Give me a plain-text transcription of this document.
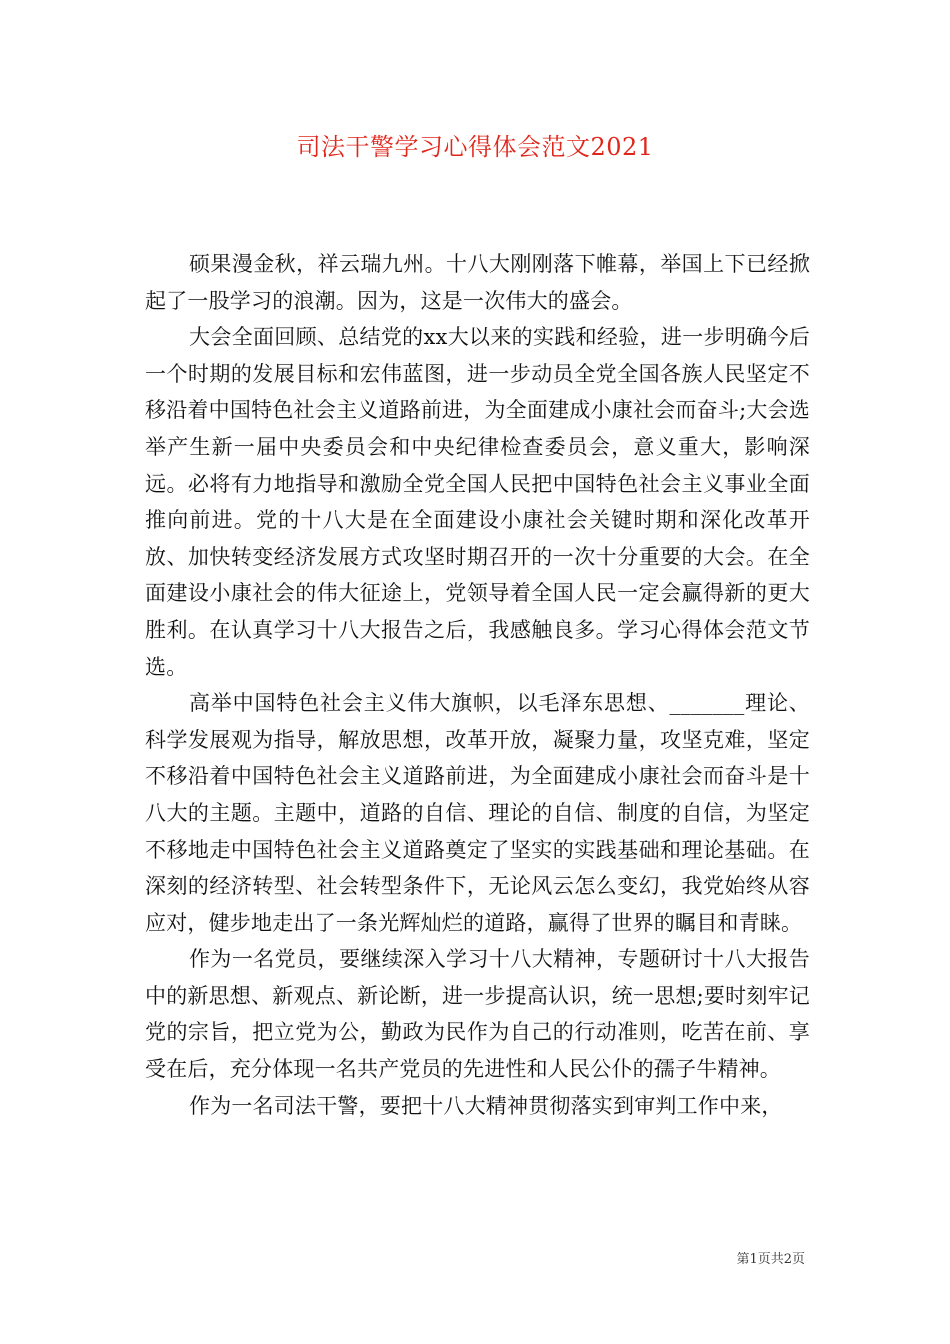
司法干警学习心得体会范文2021

硕果漫金秋，祥云瑞九州。十八大刚刚落下帷幕，举国上下已经掀起了一股学习的浪潮。因为，这是一次伟大的盛会。

大会全面回顾、总结党的xx大以来的实践和经验，进一步明确今后一个时期的发展目标和宏伟蓝图，进一步动员全党全国各族人民坚定不移沿着中国特色社会主义道路前进，为全面建成小康社会而奋斗;大会选举产生新一届中央委员会和中央纪律检查委员会，意义重大，影响深远。必将有力地指导和激励全党全国人民把中国特色社会主义事业全面推向前进。党的十八大是在全面建设小康社会关键时期和深化改革开放、加快转变经济发展方式攻坚时期召开的一次十分重要的大会。在全面建设小康社会的伟大征途上，党领导着全国人民一定会赢得新的更大胜利。在认真学习十八大报告之后，我感触良多。学习心得体会范文节选。

高举中国特色社会主义伟大旗帜，以毛泽东思想、_______理论、科学发展观为指导，解放思想，改革开放，凝聚力量，攻坚克难，坚定不移沿着中国特色社会主义道路前进，为全面建成小康社会而奋斗是十八大的主题。主题中，道路的自信、理论的自信、制度的自信，为坚定不移地走中国特色社会主义道路奠定了坚实的实践基础和理论基础。在深刻的经济转型、社会转型条件下，无论风云怎么变幻，我党始终从容应对，健步地走出了一条光辉灿烂的道路，赢得了世界的瞩目和青睐。

作为一名党员，要继续深入学习十八大精神，专题研讨十八大报告中的新思想、新观点、新论断，进一步提高认识，统一思想;要时刻牢记党的宗旨，把立党为公，勤政为民作为自己的行动准则，吃苦在前、享受在后，充分体现一名共产党员的先进性和人民公仆的孺子牛精神。

作为一名司法干警，要把十八大精神贯彻落实到审判工作中来，

第1页共2页
